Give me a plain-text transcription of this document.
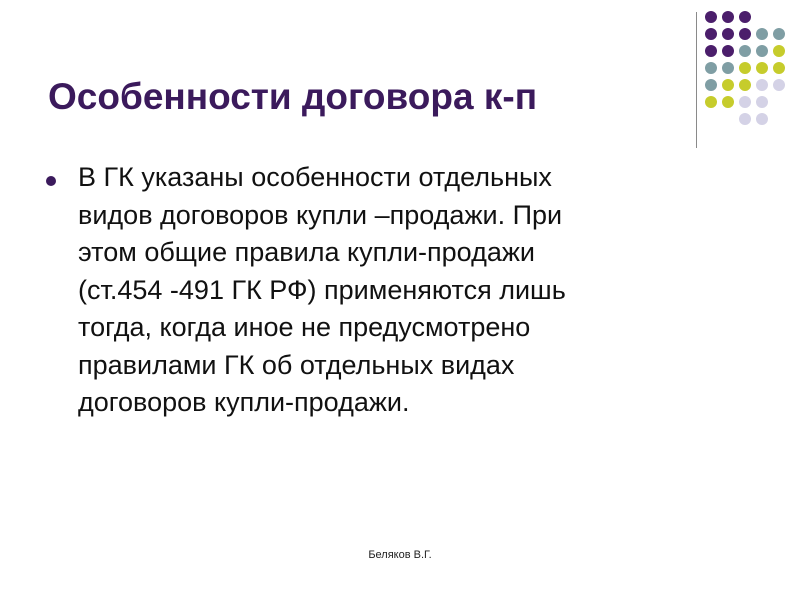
Особенности договора к-п
В ГК указаны особенности отдельных
видов договоров купли –продажи. При
этом общие правила купли-продажи
(ст.454 -491 ГК РФ) применяются лишь
тогда, когда иное не предусмотрено
правилами ГК об отдельных видах
договоров купли-продажи.
Беляков В.Г.
